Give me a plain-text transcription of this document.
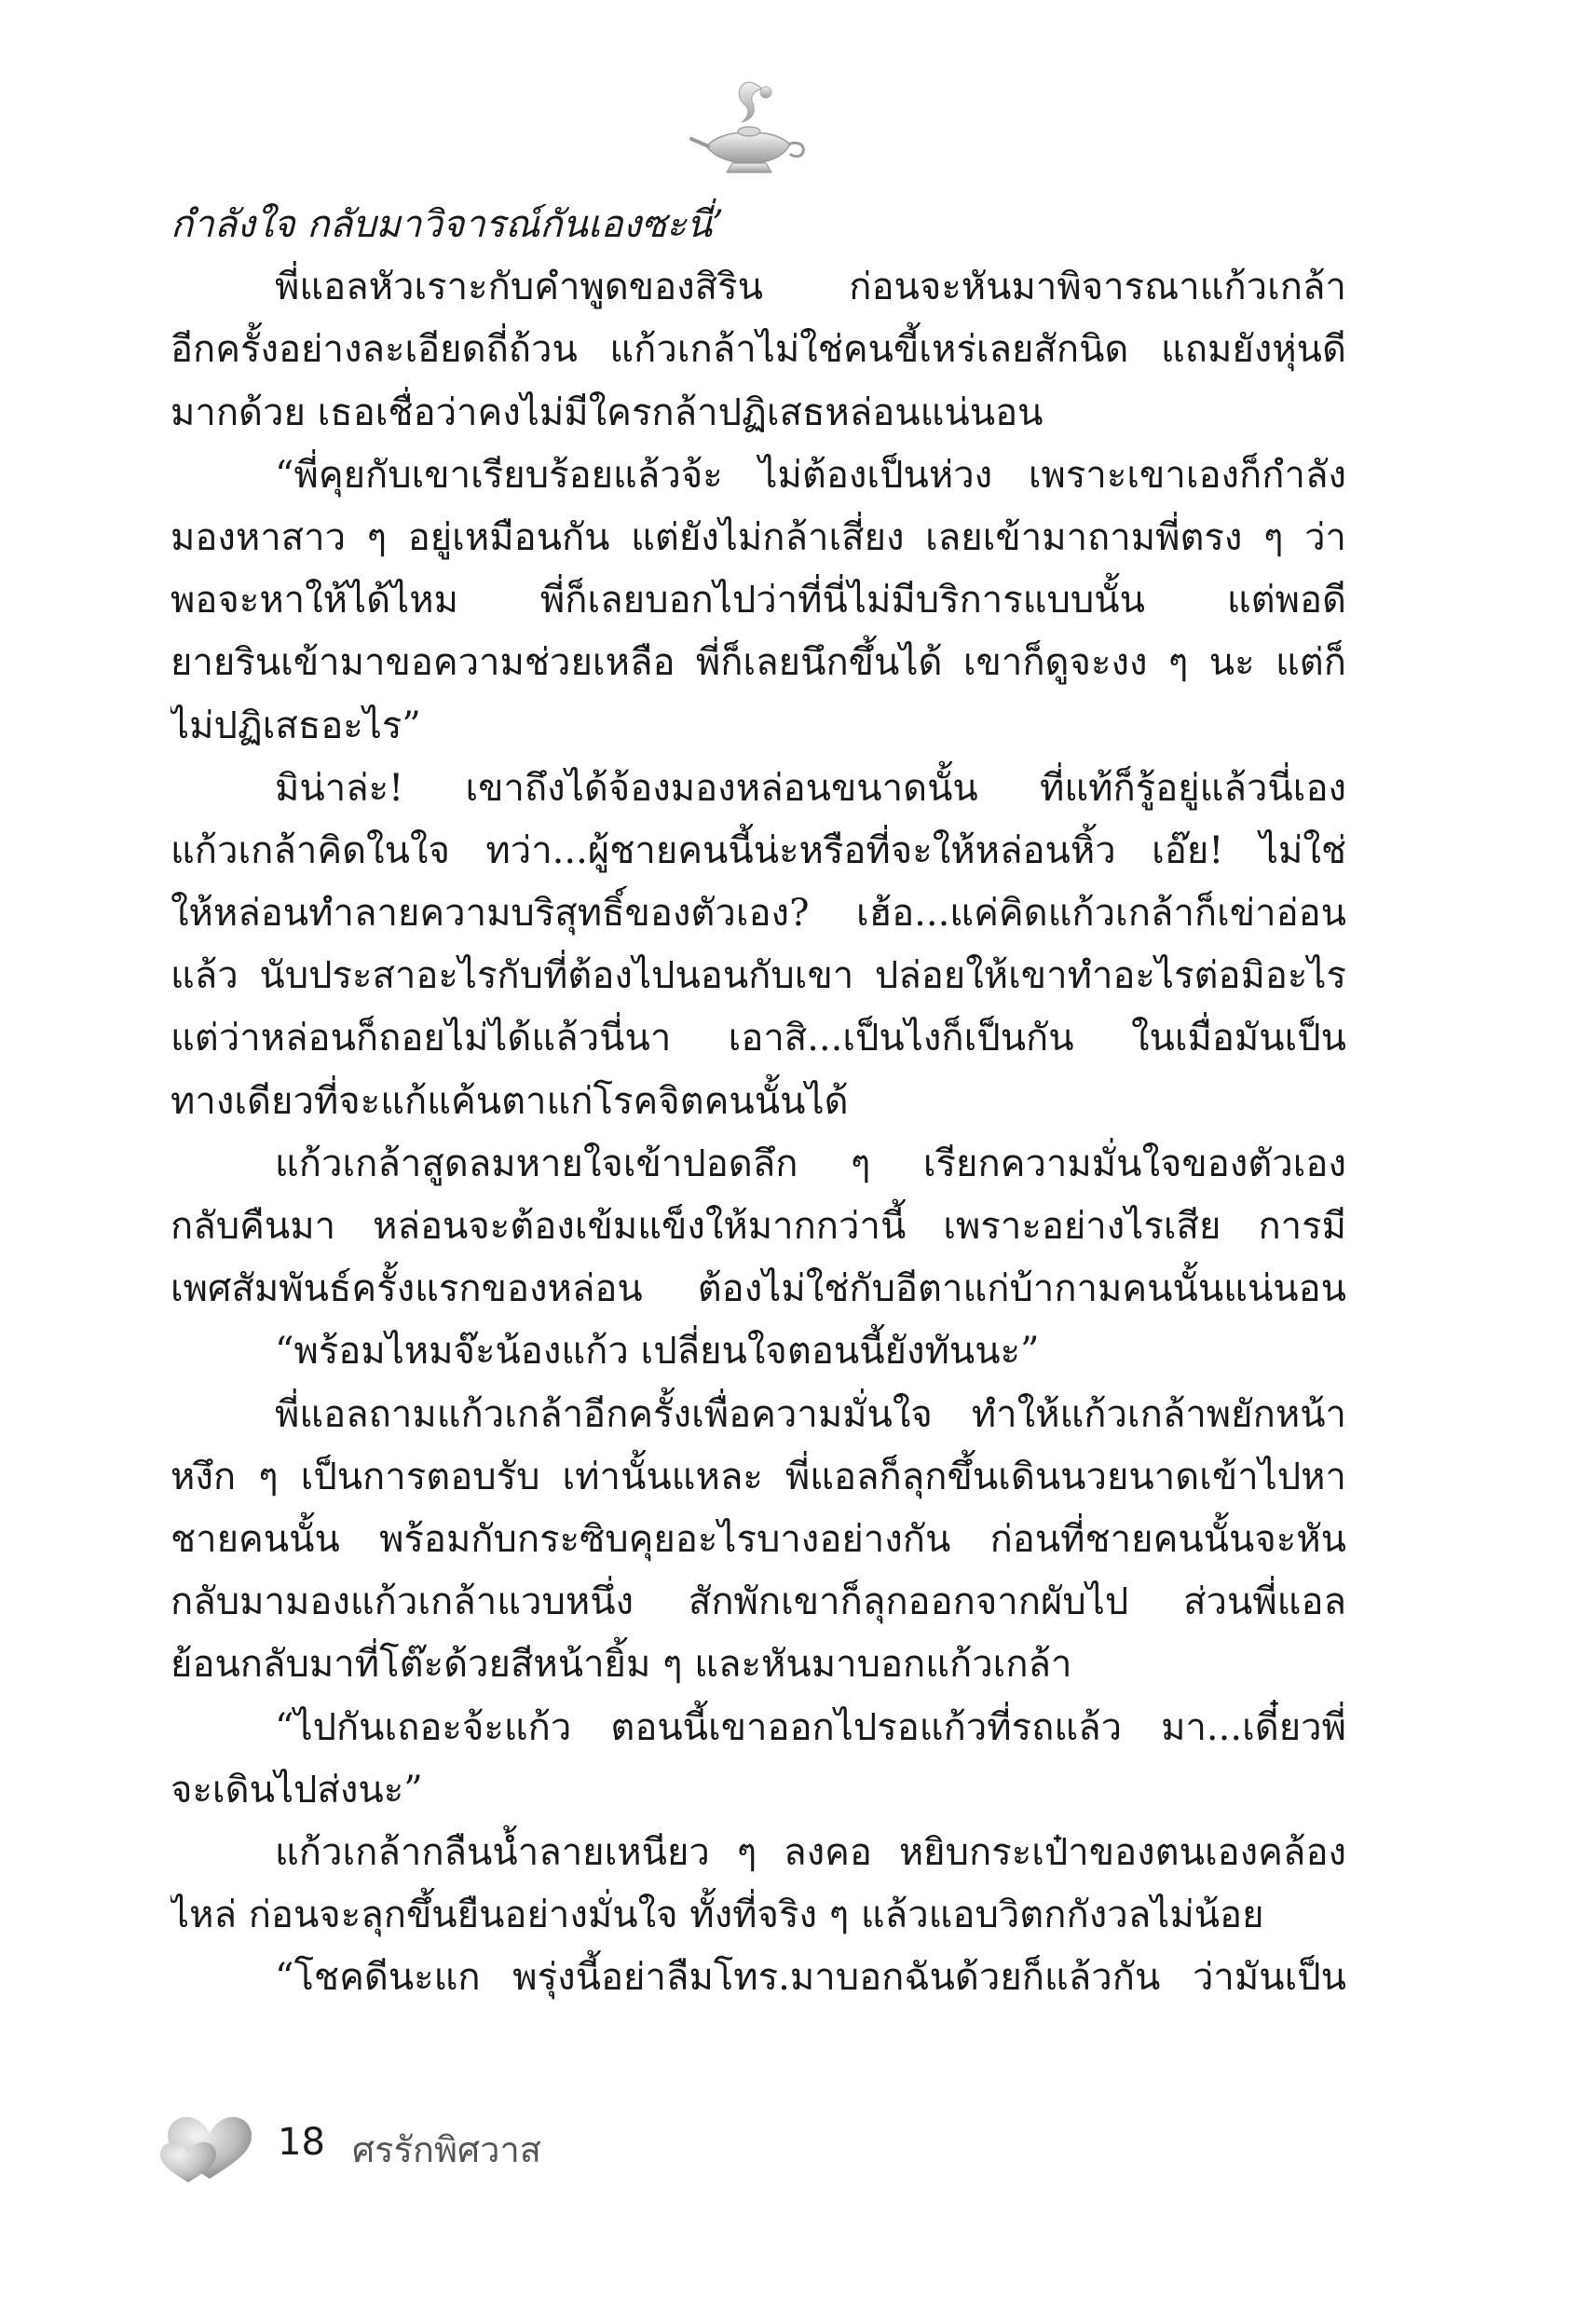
กำลังใจ กลับมาวิจารณ์กันเองซะนี่’
พี่แอลหัวเราะกับคำพูดของสิริน ก่อนจะหันมาพิจารณาแก้วเกล้า
อีกครั้งอย่างละเอียดถี่ถ้วน แก้วเกล้าไม่ใช่คนขี้เหร่เลยสักนิด แถมยังหุ่นดี
มากด้วย เธอเชื่อว่าคงไม่มีใครกล้าปฏิเสธหล่อนแน่นอน
“พี่คุยกับเขาเรียบร้อยแล้วจ้ะ ไม่ต้องเป็นห่วง เพราะเขาเองก็กำลัง
มองหาสาว ๆ อยู่เหมือนกัน แต่ยังไม่กล้าเสี่ยง เลยเข้ามาถามพี่ตรง ๆ ว่า
พอจะหาให้ได้ไหม พี่ก็เลยบอกไปว่าที่นี่ไม่มีบริการแบบนั้น แต่พอดี
ยายรินเข้ามาขอความช่วยเหลือ พี่ก็เลยนึกขึ้นได้ เขาก็ดูจะงง ๆ นะ แต่ก็
ไม่ปฏิเสธอะไร”
มิน่าล่ะ! เขาถึงได้จ้องมองหล่อนขนาดนั้น ที่แท้ก็รู้อยู่แล้วนี่เอง
แก้วเกล้าคิดในใจ ทว่า...ผู้ชายคนนี้น่ะหรือที่จะให้หล่อนหิ้ว เอ๊ย! ไม่ใช่
ให้หล่อนทำลายความบริสุทธิ์ของตัวเอง? เฮ้อ...แค่คิดแก้วเกล้าก็เข่าอ่อน
แล้ว นับประสาอะไรกับที่ต้องไปนอนกับเขา ปล่อยให้เขาทำอะไรต่อมิอะไร
แต่ว่าหล่อนก็ถอยไม่ได้แล้วนี่นา เอาสิ...เป็นไงก็เป็นกัน ในเมื่อมันเป็น
ทางเดียวที่จะแก้แค้นตาแก่โรคจิตคนนั้นได้
แก้วเกล้าสูดลมหายใจเข้าปอดลึก ๆ เรียกความมั่นใจของตัวเอง
กลับคืนมา หล่อนจะต้องเข้มแข็งให้มากกว่านี้ เพราะอย่างไรเสีย การมี
เพศสัมพันธ์ครั้งแรกของหล่อน ต้องไม่ใช่กับอีตาแก่บ้ากามคนนั้นแน่นอน
“พร้อมไหมจ๊ะน้องแก้ว เปลี่ยนใจตอนนี้ยังทันนะ”
พี่แอลถามแก้วเกล้าอีกครั้งเพื่อความมั่นใจ ทำให้แก้วเกล้าพยักหน้า
หงึก ๆ เป็นการตอบรับ เท่านั้นแหละ พี่แอลก็ลุกขึ้นเดินนวยนาดเข้าไปหา
ชายคนนั้น พร้อมกับกระซิบคุยอะไรบางอย่างกัน ก่อนที่ชายคนนั้นจะหัน
กลับมามองแก้วเกล้าแวบหนึ่ง สักพักเขาก็ลุกออกจากผับไป ส่วนพี่แอล
ย้อนกลับมาที่โต๊ะด้วยสีหน้ายิ้ม ๆ และหันมาบอกแก้วเกล้า
“ไปกันเถอะจ้ะแก้ว ตอนนี้เขาออกไปรอแก้วที่รถแล้ว มา...เดี๋ยวพี่
จะเดินไปส่งนะ”
แก้วเกล้ากลืนน้ำลายเหนียว ๆ ลงคอ หยิบกระเป๋าของตนเองคล้อง
ไหล่ ก่อนจะลุกขึ้นยืนอย่างมั่นใจ ทั้งที่จริง ๆ แล้วแอบวิตกกังวลไม่น้อย
“โชคดีนะแก พรุ่งนี้อย่าลืมโทร.มาบอกฉันด้วยก็แล้วกัน ว่ามันเป็น
18 ศรรักพิศวาส
